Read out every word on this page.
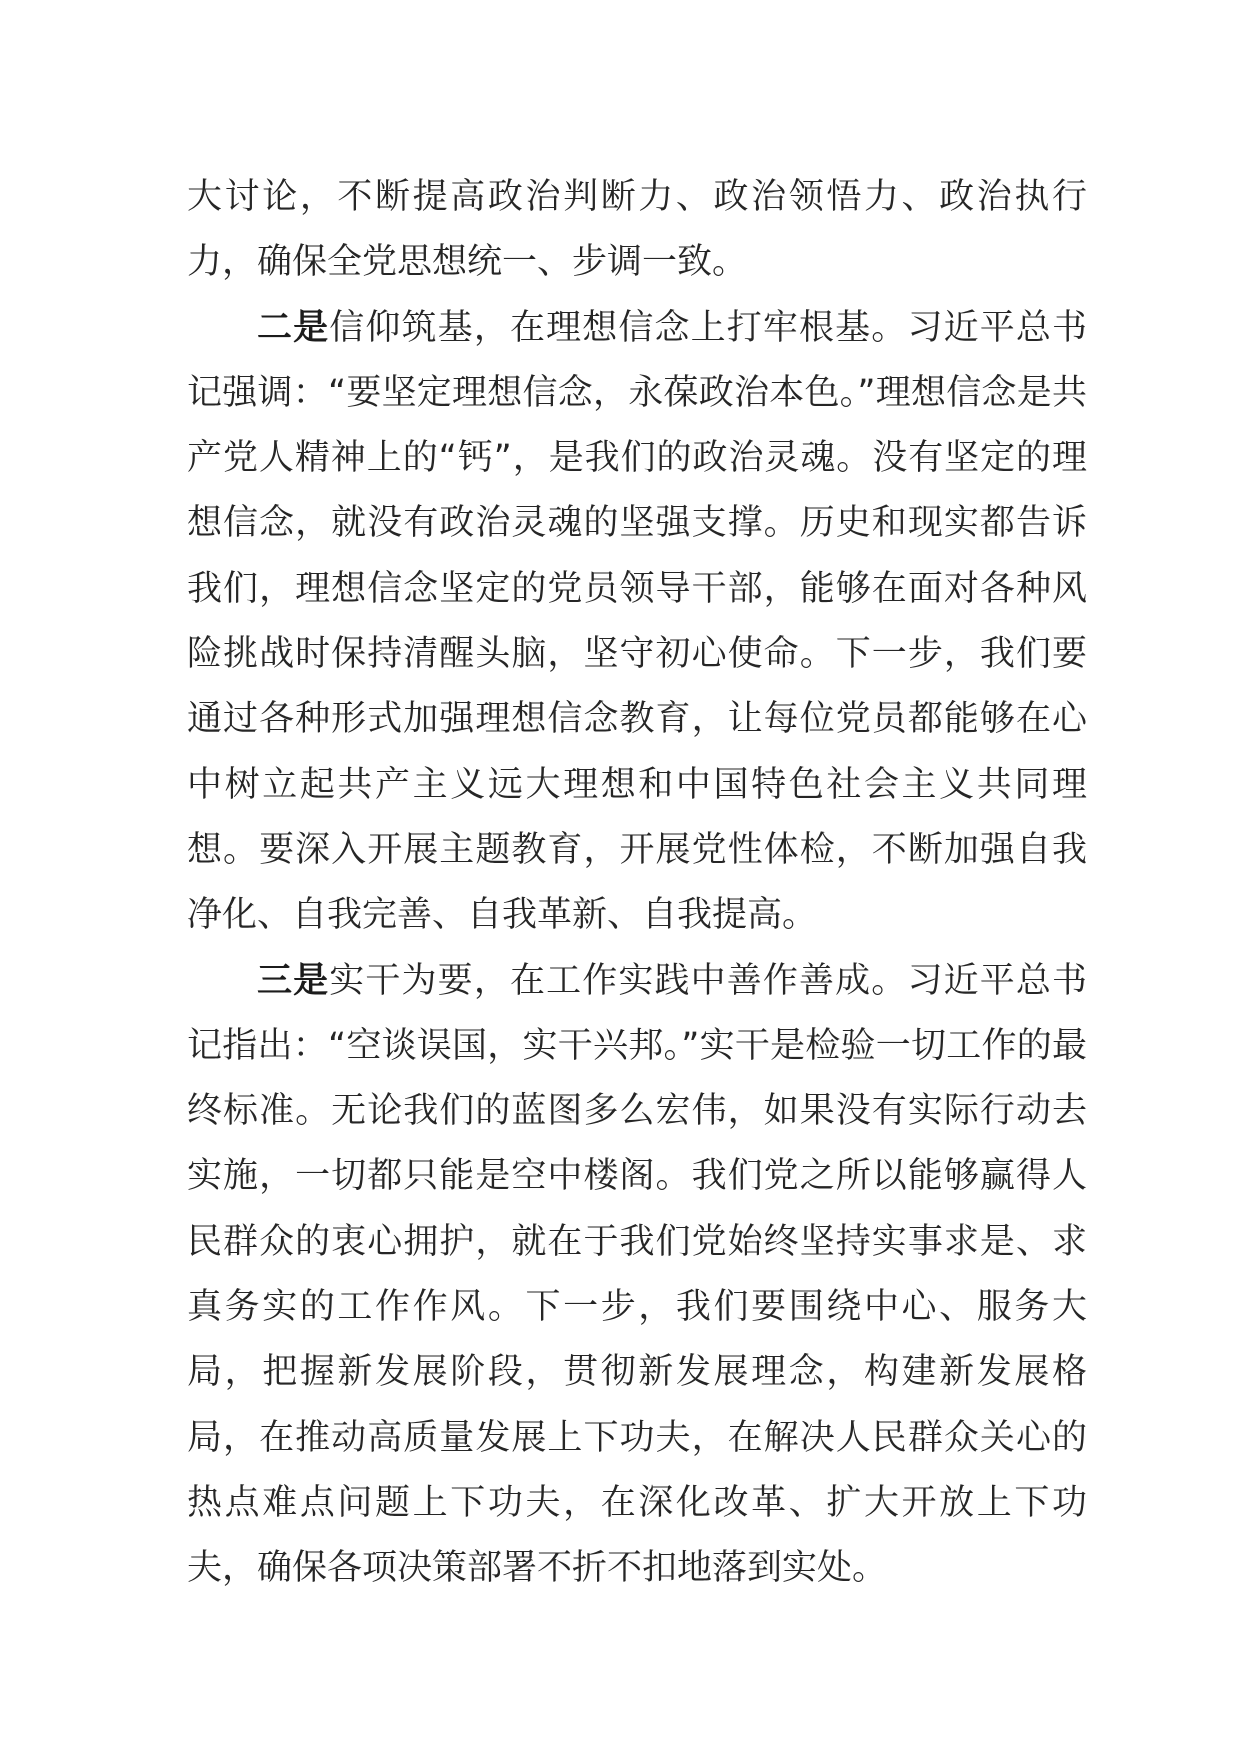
大讨论，不断提高政治判断力、政治领悟力、政治执行力，确保全党思想统一、步调一致。

二是信仰筑基，在理想信念上打牢根基。习近平总书记强调：“要坚定理想信念，永葆政治本色。”理想信念是共产党人精神上的“钙”，是我们的政治灵魂。没有坚定的理想信念，就没有政治灵魂的坚强支撑。历史和现实都告诉我们，理想信念坚定的党员领导干部，能够在面对各种风险挑战时保持清醒头脑，坚守初心使命。下一步，我们要通过各种形式加强理想信念教育，让每位党员都能够在心中树立起共产主义远大理想和中国特色社会主义共同理想。要深入开展主题教育，开展党性体检，不断加强自我净化、自我完善、自我革新、自我提高。

三是实干为要，在工作实践中善作善成。习近平总书记指出：“空谈误国，实干兴邦。”实干是检验一切工作的最终标准。无论我们的蓝图多么宏伟，如果没有实际行动去实施，一切都只能是空中楼阁。我们党之所以能够赢得人民群众的衷心拥护，就在于我们党始终坚持实事求是、求真务实的工作作风。下一步，我们要围绕中心、服务大局，把握新发展阶段，贯彻新发展理念，构建新发展格局，在推动高质量发展上下功夫，在解决人民群众关心的热点难点问题上下功夫，在深化改革、扩大开放上下功夫，确保各项决策部署不折不扣地落到实处。
